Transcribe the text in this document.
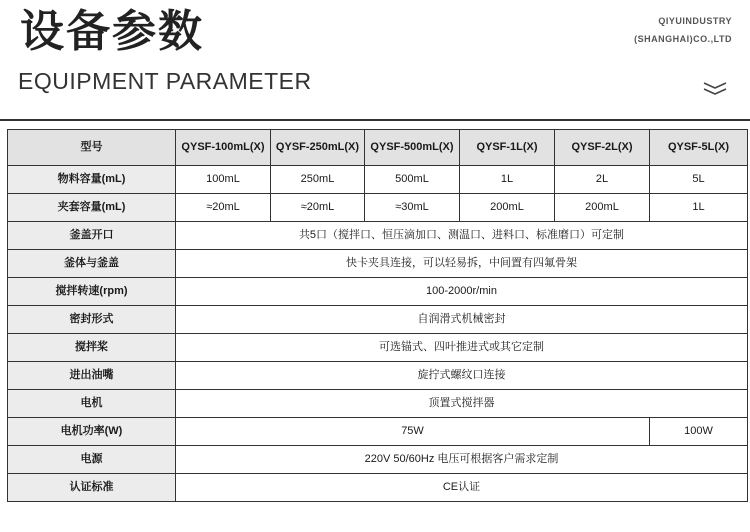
设备参数
EQUIPMENT PARAMETER
QIYUINDUSTRY
(SHANGHAI)CO.,LTD
型号	QYSF-100mL(X)	QYSF-250mL(X)	QYSF-500mL(X)	QYSF-1L(X)	QYSF-2L(X)	QYSF-5L(X)
物料容量(mL)	100mL	250mL	500mL	1L	2L	5L
夹套容量(mL)	≈20mL	≈20mL	≈30mL	200mL	200mL	1L
釜盖开口	共5口（搅拌口、恒压滴加口、测温口、进料口、标准磨口）可定制					
釜体与釜盖	快卡夹具连接，可以轻易拆，中间置有四氟骨架					
搅拌转速(rpm)	100-2000r/min					
密封形式	自润滑式机械密封					
搅拌桨	可选锚式、四叶推进式或其它定制					
进出油嘴	旋拧式螺纹口连接					
电机	顶置式搅拌器					
电机功率(W)	75W					100W
电源	220V 50/60Hz 电压可根据客户需求定制					
认证标准	CE认证					
